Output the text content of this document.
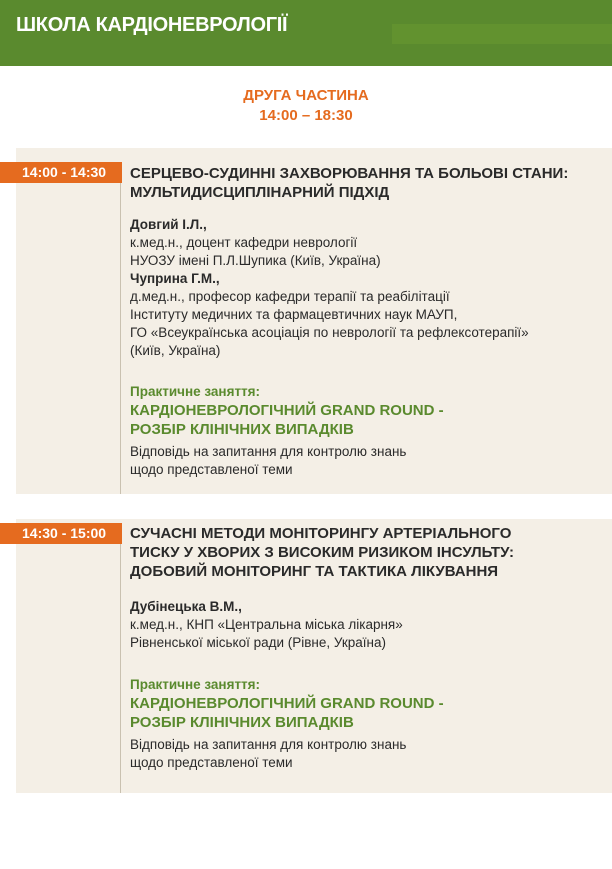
ШКОЛА КАРДІОНЕВРОЛОГІЇ
ДРУГА ЧАСТИНА
14:00 – 18:30
14:00 - 14:30	СЕРЦЕВО-СУДИННІ ЗАХВОРЮВАННЯ ТА БОЛЬОВІ СТАНИ:
МУЛЬТИДИСЦИПЛІНАРНИЙ ПІДХІД
Довгий І.Л.,
к.мед.н., доцент кафедри неврології
НУОЗУ імені П.Л.Шупика (Київ, Україна)
Чуприна Г.М.,
д.мед.н., професор кафедри терапії та реабілітації
Інституту медичних та фармацевтичних наук МАУП,
ГО «Всеукраїнська асоціація по неврології та рефлексотерапії»
(Київ, Україна)
Практичне заняття:
КАРДІОНЕВРОЛОГІЧНИЙ GRAND ROUND -
РОЗБІР КЛІНІЧНИХ ВИПАДКІВ
Відповідь на запитання для контролю знань
щодо представленої теми
14:30 - 15:00	СУЧАСНІ МЕТОДИ МОНІТОРИНГУ АРТЕРІАЛЬНОГО
ТИСКУ У ХВОРИХ З ВИСОКИМ РИЗИКОМ ІНСУЛЬТУ:
ДОБОВИЙ МОНІТОРИНГ ТА ТАКТИКА ЛІКУВАННЯ
Дубінецька В.М.,
к.мед.н., КНП «Центральна міська лікарня»
Рівненської міської ради (Рівне, Україна)
Практичне заняття:
КАРДІОНЕВРОЛОГІЧНИЙ GRAND ROUND -
РОЗБІР КЛІНІЧНИХ ВИПАДКІВ
Відповідь на запитання для контролю знань
щодо представленої теми
